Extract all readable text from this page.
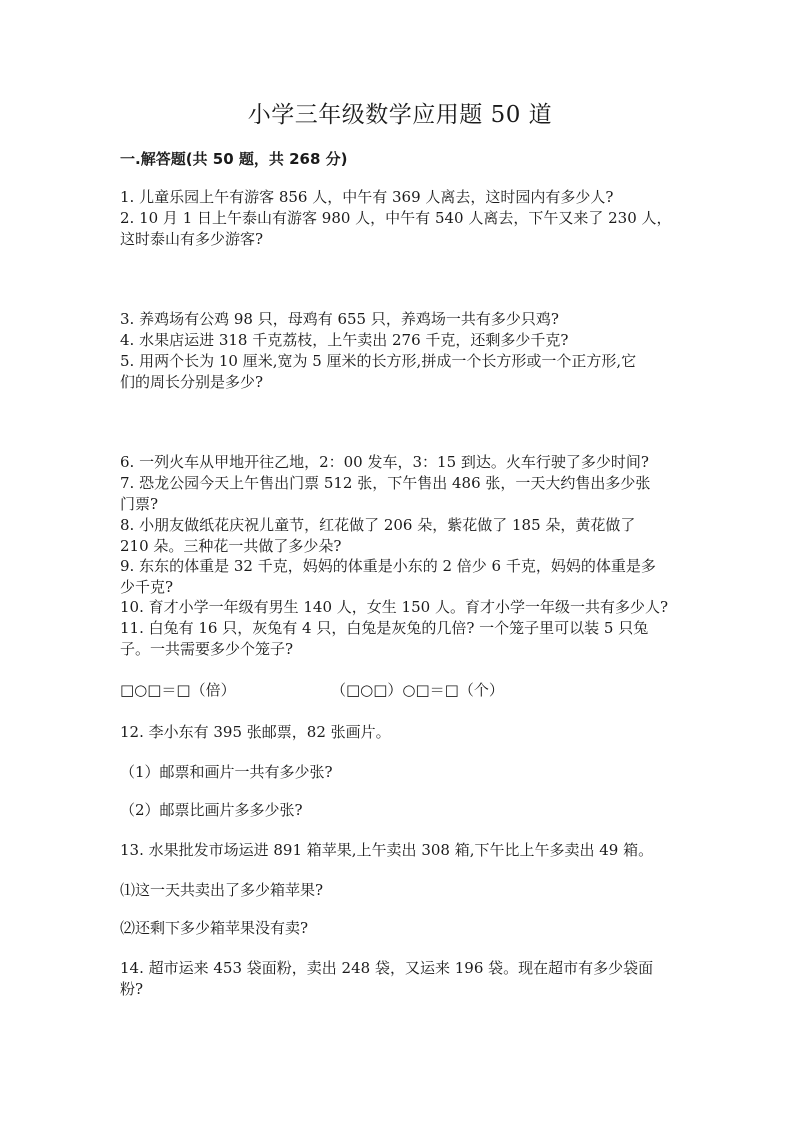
小学三年级数学应用题 50 道
一.解答题(共 50 题，共 268 分)
1. 儿童乐园上午有游客 856 人，中午有 369 人离去，这时园内有多少人?
2. 10 月 1 日上午泰山有游客 980 人，中午有 540 人离去，下午又来了 230 人，
这时泰山有多少游客?
3. 养鸡场有公鸡 98 只，母鸡有 655 只，养鸡场一共有多少只鸡?
4. 水果店运进 318 千克荔枝，上午卖出 276 千克，还剩多少千克?
5. 用两个长为 10 厘米,宽为 5 厘米的长方形,拼成一个长方形或一个正方形,它
们的周长分别是多少?
6. 一列火车从甲地开往乙地，2：00 发车，3：15 到达。火车行驶了多少时间?
7. 恐龙公园今天上午售出门票 512 张，下午售出 486 张，一天大约售出多少张
门票?
8. 小朋友做纸花庆祝儿童节，红花做了 206 朵，紫花做了 185 朵，黄花做了
210 朵。三种花一共做了多少朵?
9. 东东的体重是 32 千克，妈妈的体重是小东的 2 倍少 6 千克，妈妈的体重是多
少千克?
10. 育才小学一年级有男生 140 人，女生 150 人。育才小学一年级一共有多少人?
11. 白兔有 16 只，灰兔有 4 只，白兔是灰兔的几倍? 一个笼子里可以装 5 只兔
子。一共需要多少个笼子?
□○□＝□（倍）                    （□○□）○□＝□（个）
12. 李小东有 395 张邮票，82 张画片。
（1）邮票和画片一共有多少张?
（2）邮票比画片多多少张?
13. 水果批发市场运进 891 箱苹果,上午卖出 308 箱,下午比上午多卖出 49 箱。
⑴这一天共卖出了多少箱苹果?
⑵还剩下多少箱苹果没有卖?
14. 超市运来 453 袋面粉，卖出 248 袋，又运来 196 袋。现在超市有多少袋面
粉?
